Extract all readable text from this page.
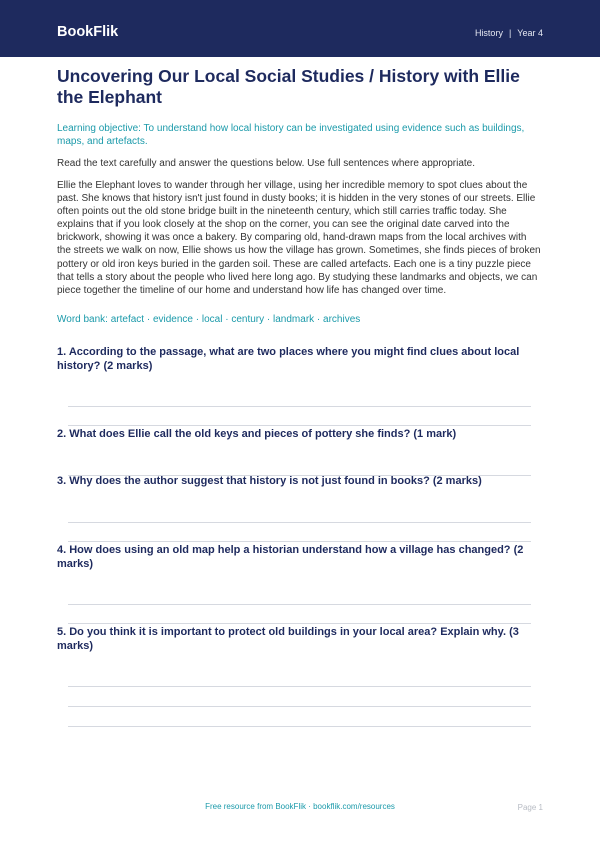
BookFlik	History | Year 4
Uncovering Our Local Social Studies / History with Ellie the Elephant
Learning objective: To understand how local history can be investigated using evidence such as buildings, maps, and artefacts.
Read the text carefully and answer the questions below. Use full sentences where appropriate.
Ellie the Elephant loves to wander through her village, using her incredible memory to spot clues about the past. She knows that history isn't just found in dusty books; it is hidden in the very stones of our streets. Ellie often points out the old stone bridge built in the nineteenth century, which still carries traffic today. She explains that if you look closely at the shop on the corner, you can see the original date carved into the brickwork, showing it was once a bakery. By comparing old, hand-drawn maps from the local archives with the streets we walk on now, Ellie shows us how the village has grown. Sometimes, she finds pieces of broken pottery or old iron keys buried in the garden soil. These are called artefacts. Each one is a tiny puzzle piece that tells a story about the people who lived here long ago. By studying these landmarks and objects, we can piece together the timeline of our home and understand how life has changed over time.
Word bank: artefact · evidence · local · century · landmark · archives
1. According to the passage, what are two places where you might find clues about local history? (2 marks)
2. What does Ellie call the old keys and pieces of pottery she finds? (1 mark)
3. Why does the author suggest that history is not just found in books? (2 marks)
4. How does using an old map help a historian understand how a village has changed? (2 marks)
5. Do you think it is important to protect old buildings in your local area? Explain why. (3 marks)
Free resource from BookFlik · bookflik.com/resources	Page 1
